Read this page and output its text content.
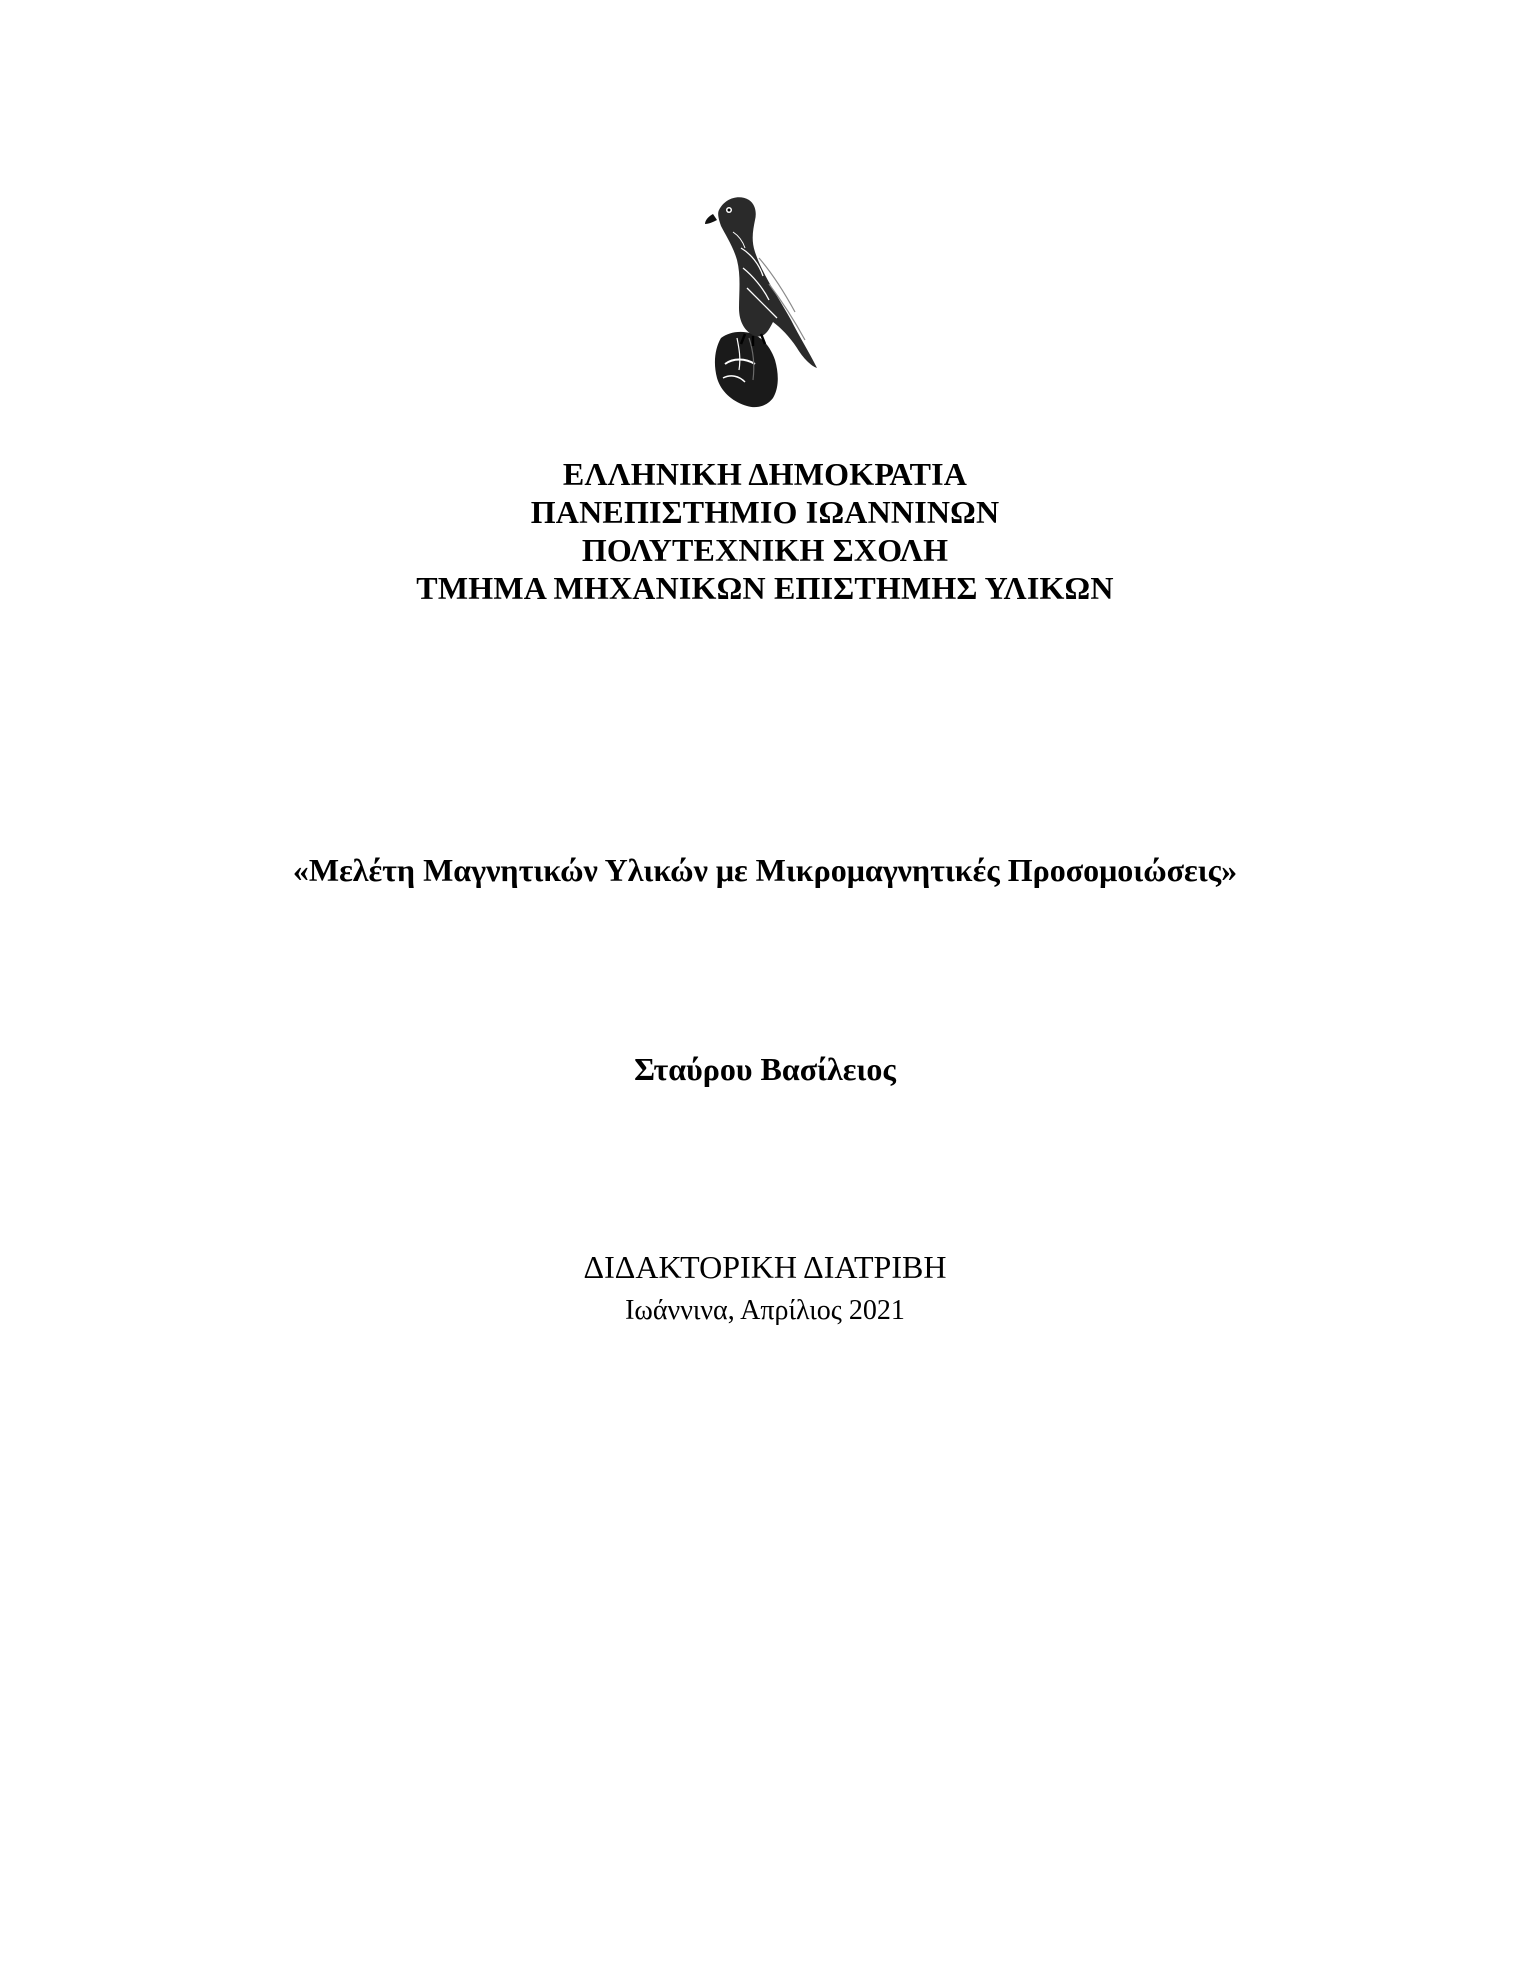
ΕΛΛΗΝΙΚΗ ΔΗΜΟΚΡΑΤΙΑ
ΠΑΝΕΠΙΣΤΗΜΙΟ ΙΩΑΝΝΙΝΩΝ
ΠΟΛΥΤΕΧΝΙΚΗ ΣΧΟΛΗ
ΤΜΗΜΑ ΜΗΧΑΝΙΚΩΝ ΕΠΙΣΤΗΜΗΣ ΥΛΙΚΩΝ
«Μελέτη Μαγνητικών Υλικών με Μικρομαγνητικές Προσομοιώσεις»
Σταύρου Βασίλειος
ΔΙΔΑΚΤΟΡΙΚΗ ΔΙΑΤΡΙΒΗ
Ιωάννινα, Απρίλιος 2021
